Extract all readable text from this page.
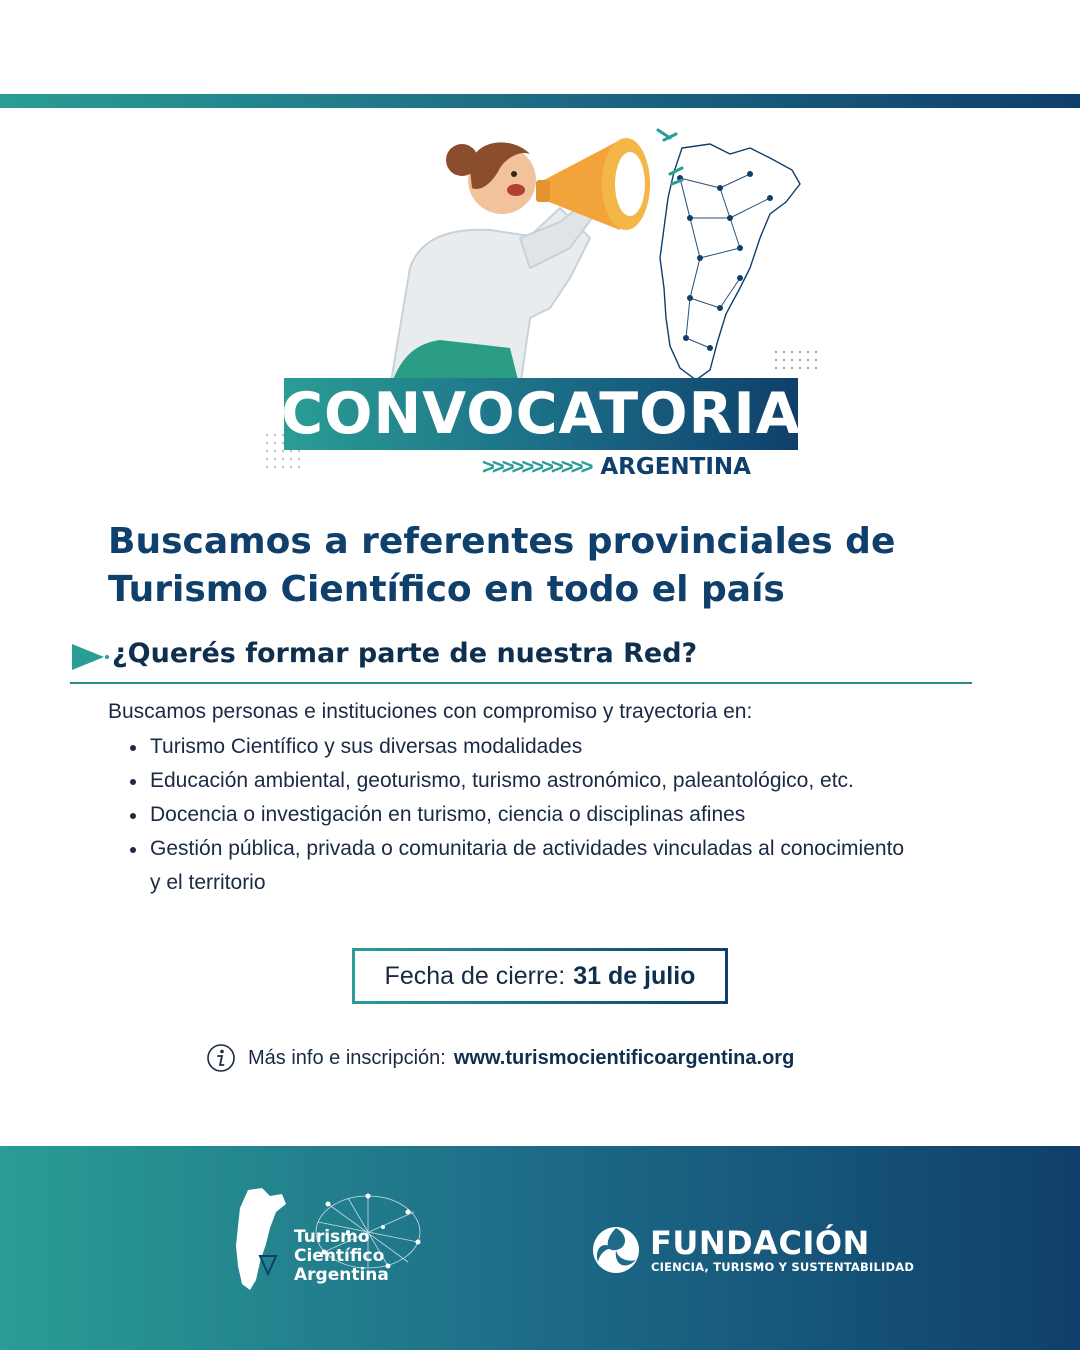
CONVOCATORIA
>>>>>>>>>>> ARGENTINA
Buscamos a referentes provinciales de
Turismo Científico en todo el país
¿Querés formar parte de nuestra Red?
Buscamos personas e instituciones con compromiso y trayectoria en:
Turismo Científico y sus diversas modalidades
Educación ambiental, geoturismo, turismo astronómico, paleantológico, etc.
Docencia o investigación en turismo, ciencia o disciplinas afines
Gestión pública, privada o comunitaria de actividades vinculadas al conocimiento y el territorio
Fecha de cierre: 31 de julio
Más info e inscripción: www.turismocientificoargentina.org
Turismo
Científico
Argentina
FUNDACIÓN
CIENCIA, TURISMO Y SUSTENTABILIDAD
